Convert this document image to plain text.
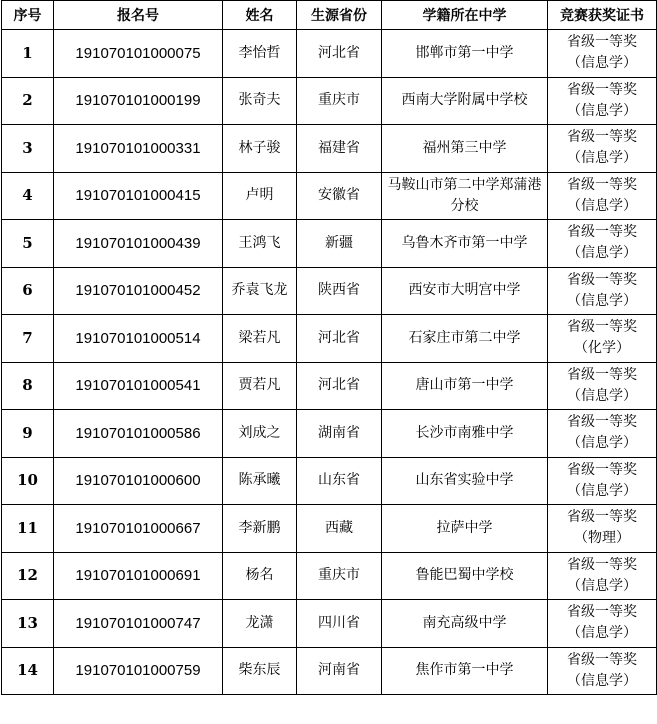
序号	报名号	姓名	生源省份	学籍所在中学	竞赛获奖证书
1	191070101000075	李怡哲	河北省	邯郸市第一中学	省级一等奖
（信息学）

2	191070101000199	张奇夫	重庆市	西南大学附属中学校	省级一等奖
（信息学）

3	191070101000331	林子骏	福建省	福州第三中学	省级一等奖
（信息学）

4	191070101000415	卢明	安徽省	马鞍山市第二中学郑蒲港分校	省级一等奖
（信息学）

5	191070101000439	王鸿飞	新疆	乌鲁木齐市第一中学	省级一等奖
（信息学）

6	191070101000452	乔袁飞龙	陕西省	西安市大明宫中学	省级一等奖
（信息学）

7	191070101000514	梁若凡	河北省	石家庄市第二中学	省级一等奖
（化学）

8	191070101000541	贾若凡	河北省	唐山市第一中学	省级一等奖
（信息学）

9	191070101000586	刘成之	湖南省	长沙市南雅中学	省级一等奖
（信息学）

10	191070101000600	陈承曦	山东省	山东省实验中学	省级一等奖
（信息学）

11	191070101000667	李新鹏	西藏	拉萨中学	省级一等奖
（物理）

12	191070101000691	杨名	重庆市	鲁能巴蜀中学校	省级一等奖
（信息学）

13	191070101000747	龙潇	四川省	南充高级中学	省级一等奖
（信息学）

14	191070101000759	柴东辰	河南省	焦作市第一中学	省级一等奖
（信息学）
